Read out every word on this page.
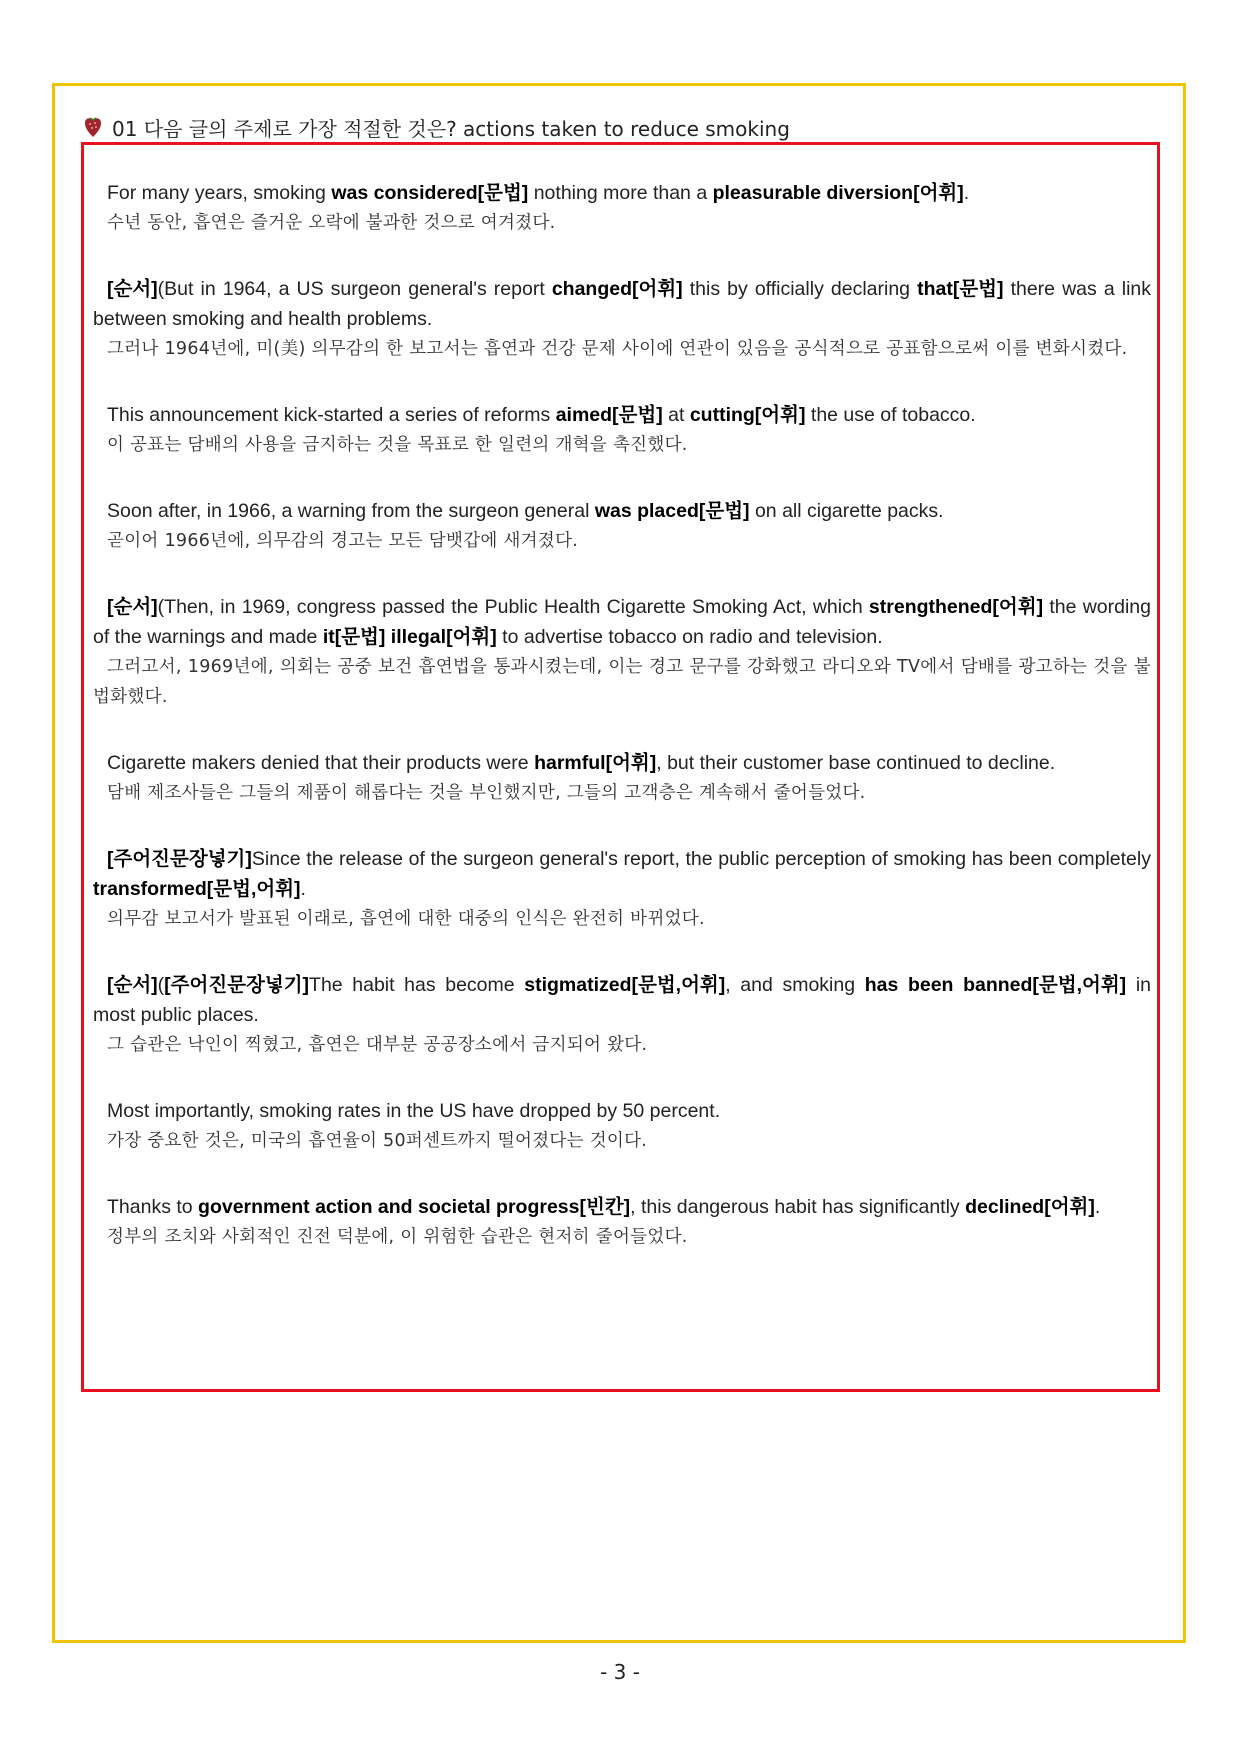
01 다음 글의 주제로 가장 적절한 것은? actions taken to reduce smoking

For many years, smoking was considered[문법] nothing more than a pleasurable diversion[어휘].

수년 동안, 흡연은 즐거운 오락에 불과한 것으로 여겨졌다.

[순서](But in 1964, a US surgeon general's report changed[어휘] this by officially declaring that[문법] there was a link between smoking and health problems.

그러나 1964년에, 미(美) 의무감의 한 보고서는 흡연과 건강 문제 사이에 연관이 있음을 공식적으로 공표함으로써 이를 변화시켰다.

This announcement kick-started a series of reforms aimed[문법] at cutting[어휘] the use of tobacco.

이 공표는 담배의 사용을 금지하는 것을 목표로 한 일련의 개혁을 촉진했다.

Soon after, in 1966, a warning from the surgeon general was placed[문법] on all cigarette packs.

곧이어 1966년에, 의무감의 경고는 모든 담뱃갑에 새겨졌다.

[순서](Then, in 1969, congress passed the Public Health Cigarette Smoking Act, which strengthened[어휘] the wording of the warnings and made it[문법] illegal[어휘] to advertise tobacco on radio and television.

그러고서, 1969년에, 의회는 공중 보건 흡연법을 통과시켰는데, 이는 경고 문구를 강화했고 라디오와 TV에서 담배를 광고하는 것을 불법화했다.

Cigarette makers denied that their products were harmful[어휘], but their customer base continued to decline.

담배 제조사들은 그들의 제품이 해롭다는 것을 부인했지만, 그들의 고객층은 계속해서 줄어들었다.

[주어진문장넣기]Since the release of the surgeon general's report, the public perception of smoking has been completely transformed[문법,어휘].

의무감 보고서가 발표된 이래로, 흡연에 대한 대중의 인식은 완전히 바뀌었다.

[순서]([주어진문장넣기]The habit has become stigmatized[문법,어휘], and smoking has been banned[문법,어휘] in most public places.

그 습관은 낙인이 찍혔고, 흡연은 대부분 공공장소에서 금지되어 왔다.

Most importantly, smoking rates in the US have dropped by 50 percent.

가장 중요한 것은, 미국의 흡연율이 50퍼센트까지 떨어졌다는 것이다.

Thanks to government action and societal progress[빈칸], this dangerous habit has significantly declined[어휘].

정부의 조치와 사회적인 진전 덕분에, 이 위험한 습관은 현저히 줄어들었다.

- 3 -
